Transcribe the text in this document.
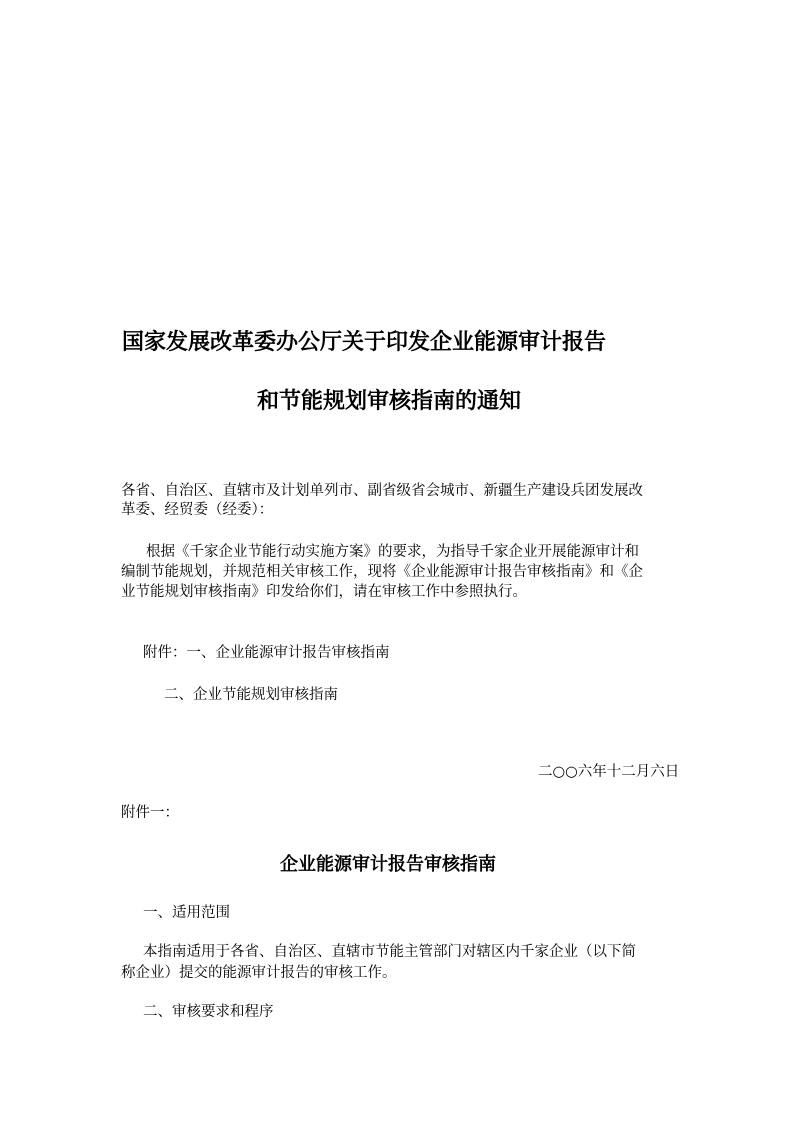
国家发展改革委办公厅关于印发企业能源审计报告
和节能规划审核指南的通知

各省、自治区、直辖市及计划单列市、副省级省会城市、新疆生产建设兵团发展改

革委、经贸委（经委）：

根据《千家企业节能行动实施方案》的要求，为指导千家企业开展能源审计和

编制节能规划，并规范相关审核工作，现将《企业能源审计报告审核指南》和《企

业节能规划审核指南》印发给你们，请在审核工作中参照执行。

附件：一、企业能源审计报告审核指南

二、企业节能规划审核指南

二○○六年十二月六日

附件一：

企业能源审计报告审核指南

一、适用范围

本指南适用于各省、自治区、直辖市节能主管部门对辖区内千家企业（以下简

称企业）提交的能源审计报告的审核工作。

二、审核要求和程序
